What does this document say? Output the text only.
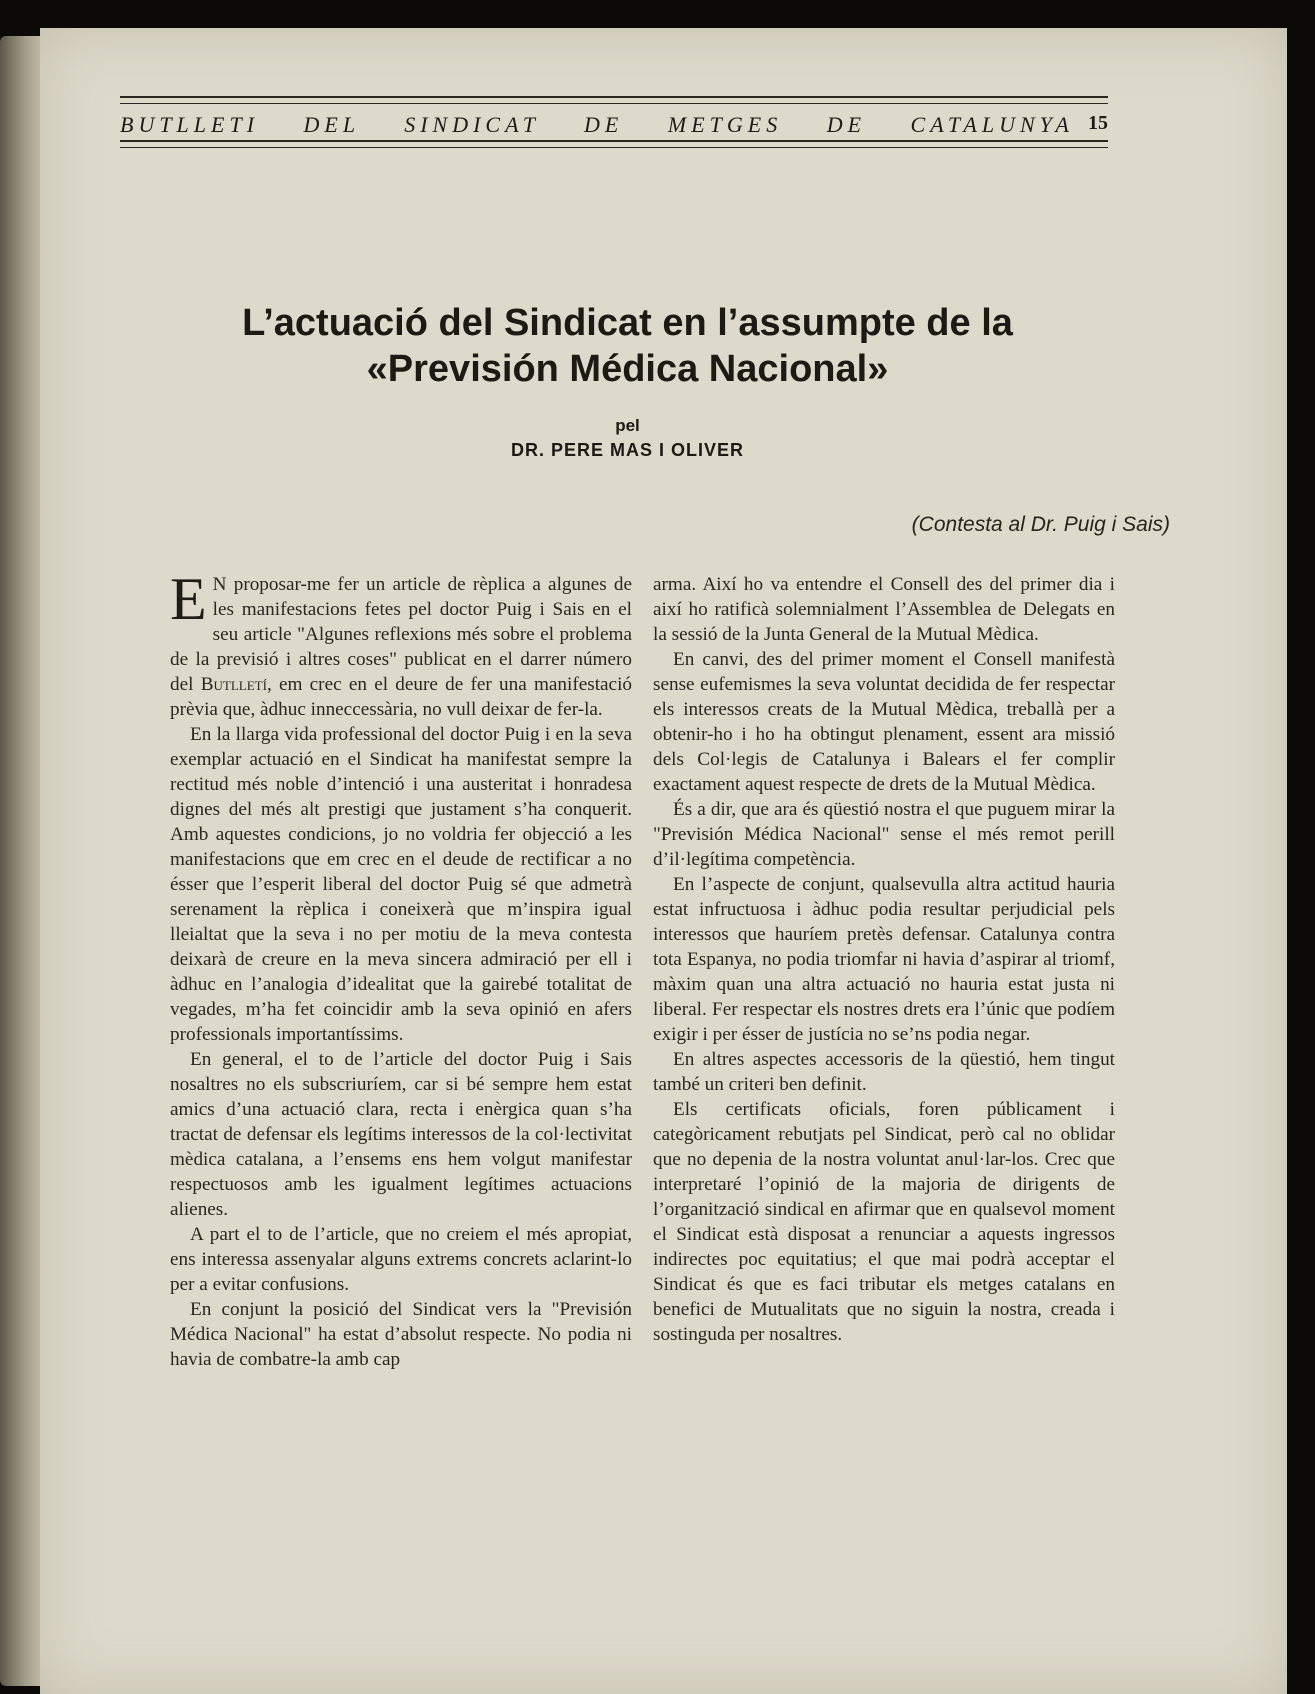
BUTLLETI DEL SINDICAT DE METGES DE CATALUNYA 15
L’actuació del Sindicat en l’assumpte de la
«Previsión Médica Nacional»
pel
DR. PERE MAS I OLIVER
(Contesta al Dr. Puig i Sais)

E N proposar-me fer un article de rèplica a algunes de les manifestacions fetes pel doctor Puig i Sais en el seu article "Algunes reflexions més sobre el problema de la previsió i altres coses" publicat en el darrer número del Butlletí, em crec en el deure de fer una manifestació prèvia que, àdhuc inneccessària, no vull deixar de fer-la.

En la llarga vida professional del doctor Puig i en la seva exemplar actuació en el Sindicat ha manifestat sempre la rectitud més noble d’intenció i una austeritat i honradesa dignes del més alt prestigi que justament s’ha conquerit. Amb aquestes condicions, jo no voldria fer objecció a les manifestacions que em crec en el deude de rectificar a no ésser que l’esperit liberal del doctor Puig sé que admetrà serenament la rèplica i coneixerà que m’inspira igual lleialtat que la seva i no per motiu de la meva contesta deixarà de creure en la meva sincera admiració per ell i àdhuc en l’analogia d’idealitat que la gairebé totalitat de vegades, m’ha fet coincidir amb la seva opinió en afers professionals importantíssims.

En general, el to de l’article del doctor Puig i Sais nosaltres no els subscriuríem, car si bé sempre hem estat amics d’una actuació clara, recta i enèrgica quan s’ha tractat de defensar els legítims interessos de la col·lectivitat mèdica catalana, a l’ensems ens hem volgut manifestar respectuosos amb les igualment legítimes actuacions alienes.

A part el to de l’article, que no creiem el més apropiat, ens interessa assenyalar alguns extrems concrets aclarint-lo per a evitar confusions.

En conjunt la posició del Sindicat vers la "Previsión Médica Nacional" ha estat d’absolut respecte. No podia ni havia de combatre-la amb cap

arma. Així ho va entendre el Consell des del primer dia i així ho ratificà solemnialment l’Assemblea de Delegats en la sessió de la Junta General de la Mutual Mèdica.

En canvi, des del primer moment el Consell manifestà sense eufemismes la seva voluntat decidida de fer respectar els interessos creats de la Mutual Mèdica, treballà per a obtenir-ho i ho ha obtingut plenament, essent ara missió dels Col·legis de Catalunya i Balears el fer complir exactament aquest respecte de drets de la Mutual Mèdica.

És a dir, que ara és qüestió nostra el que puguem mirar la "Previsión Médica Nacional" sense el més remot perill d’il·legítima competència.

En l’aspecte de conjunt, qualsevulla altra actitud hauria estat infructuosa i àdhuc podia resultar perjudicial pels interessos que hauríem pretès defensar. Catalunya contra tota Espanya, no podia triomfar ni havia d’aspirar al triomf, màxim quan una altra actuació no hauria estat justa ni liberal. Fer respectar els nostres drets era l’únic que podíem exigir i per ésser de justícia no se’ns podia negar.

En altres aspectes accessoris de la qüestió, hem tingut també un criteri ben definit.

Els certificats oficials, foren públicament i categòricament rebutjats pel Sindicat, però cal no oblidar que no depenia de la nostra voluntat anul·lar-los. Crec que interpretaré l’opinió de la majoria de dirigents de l’organització sindical en afirmar que en qualsevol moment el Sindicat està disposat a renunciar a aquests ingressos indirectes poc equitatius; el que mai podrà acceptar el Sindicat és que es faci tributar els metges catalans en benefici de Mutualitats que no siguin la nostra, creada i sostinguda per nosaltres.
